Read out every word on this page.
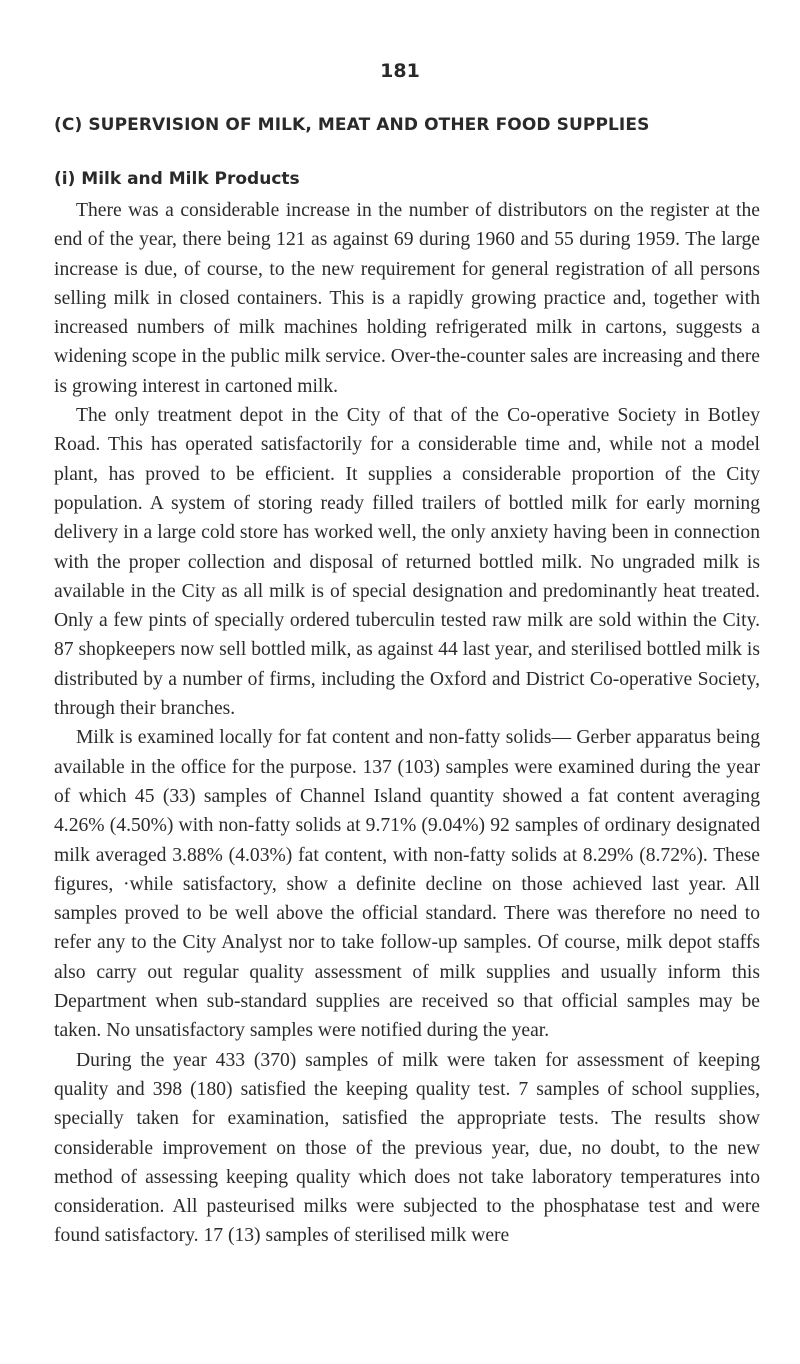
181
(C) SUPERVISION OF MILK, MEAT AND OTHER FOOD SUPPLIES
(i) Milk and Milk Products

There was a considerable increase in the number of distributors on the register at the end of the year, there being 121 as against 69 during 1960 and 55 during 1959. The large increase is due, of course, to the new requirement for general registration of all persons selling milk in closed containers. This is a rapidly growing practice and, together with increased numbers of milk machines holding refrigerated milk in cartons, suggests a widening scope in the public milk service. Over-the-counter sales are increasing and there is growing interest in cartoned milk.

The only treatment depot in the City of that of the Co-operative Society in Botley Road. This has operated satisfactorily for a considerable time and, while not a model plant, has proved to be efficient. It supplies a considerable proportion of the City population. A system of storing ready filled trailers of bottled milk for early morning delivery in a large cold store has worked well, the only anxiety having been in connection with the proper collection and disposal of returned bottled milk. No ungraded milk is available in the City as all milk is of special designation and predominantly heat treated. Only a few pints of specially ordered tuberculin tested raw milk are sold within the City. 87 shopkeepers now sell bottled milk, as against 44 last year, and sterilised bottled milk is distributed by a number of firms, including the Oxford and District Co-operative Society, through their branches.

Milk is examined locally for fat content and non-fatty solids— Gerber apparatus being available in the office for the purpose. 137 (103) samples were examined during the year of which 45 (33) samples of Channel Island quantity showed a fat content averaging 4.26% (4.50%) with non-fatty solids at 9.71% (9.04%) 92 samples of ordinary designated milk averaged 3.88% (4.03%) fat content, with non-fatty solids at 8.29% (8.72%). These figures, ·while satisfactory, show a definite decline on those achieved last year. All samples proved to be well above the official standard. There was therefore no need to refer any to the City Analyst nor to take follow-up samples. Of course, milk depot staffs also carry out regular quality assessment of milk supplies and usually inform this Department when sub-standard supplies are received so that official samples may be taken. No unsatisfactory samples were notified during the year.

During the year 433 (370) samples of milk were taken for assessment of keeping quality and 398 (180) satisfied the keeping quality test. 7 samples of school supplies, specially taken for examination, satisfied the appropriate tests. The results show considerable improvement on those of the previous year, due, no doubt, to the new method of assessing keeping quality which does not take laboratory temperatures into consideration. All pasteurised milks were subjected to the phosphatase test and were found satisfactory. 17 (13) samples of sterilised milk were
